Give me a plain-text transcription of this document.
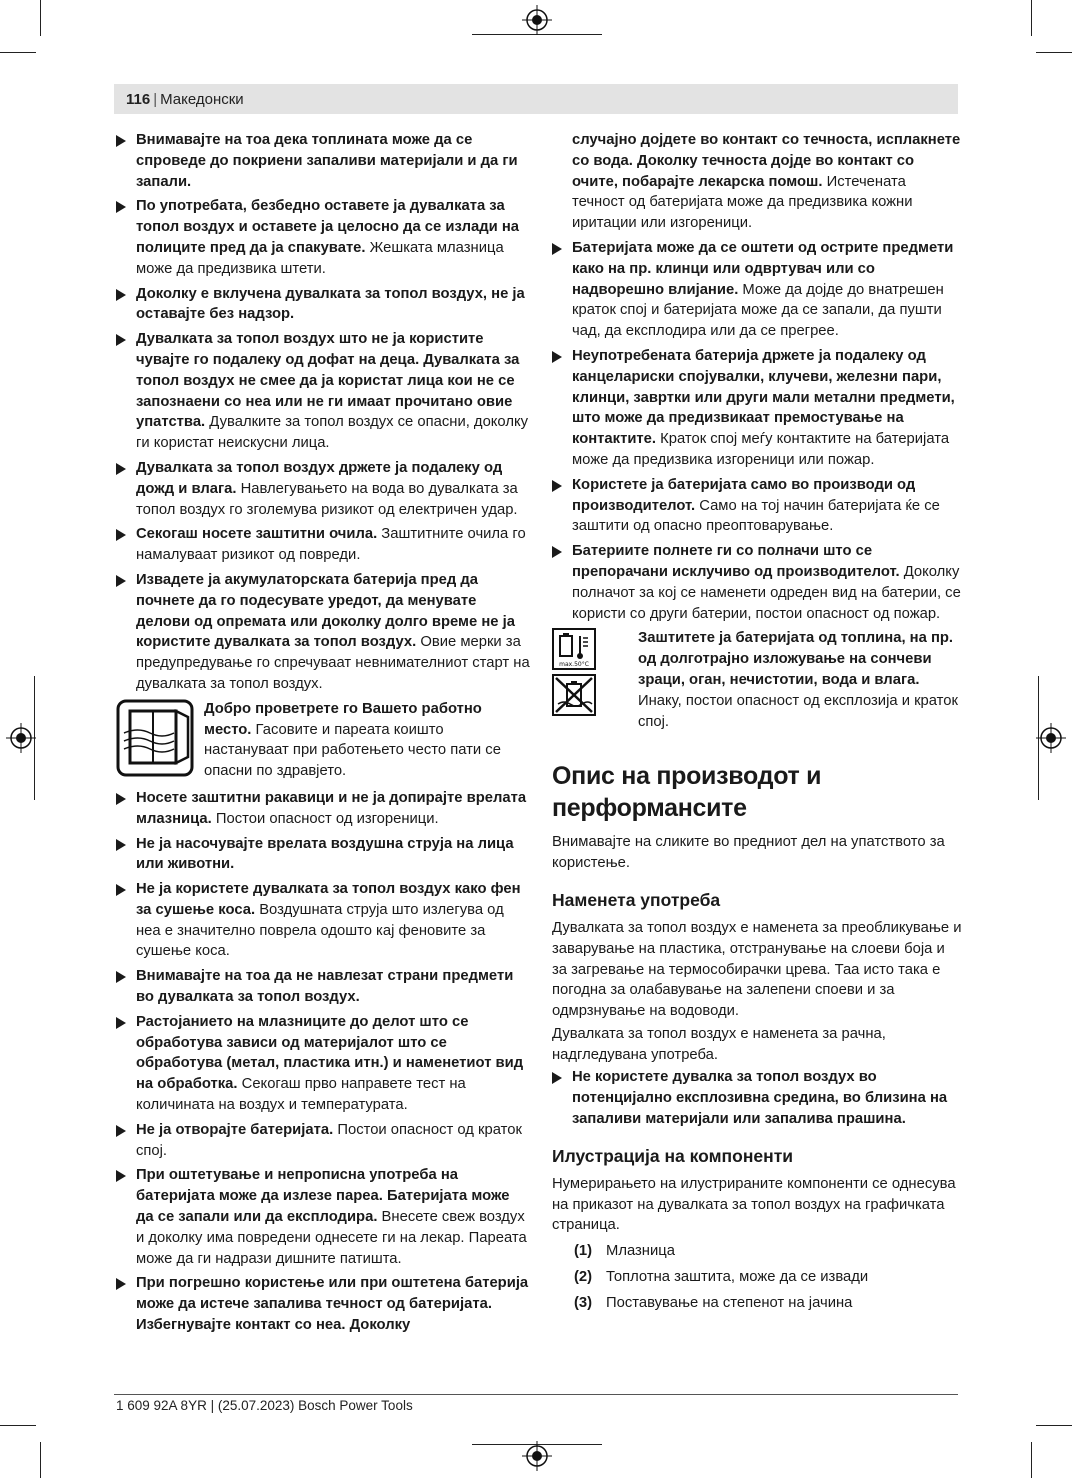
116 | Македонски
Внимавајте на тоа дека топлината може да се спроведе до покриени запаливи материјали и да ги запали.
По употребата, безбедно оставете ја дувалката за топол воздух и оставете ја целосно да се излади на полиците пред да ја спакувате. Жешката млазница може да предизвика штети.
Доколку е вклучена дувалката за топол воздух, не ја оставајте без надзор.
Дувалката за топол воздух што не ја користите чувајте го подалеку од дофат на деца. Дувалката за топол воздух не смее да ја користат лица кои не се запознаени со неа или не ги имаат прочитано овие упатства. Дувалките за топол воздух се опасни, доколку ги користат неискусни лица.
Дувалката за топол воздух држете ја подалеку од дожд и влага. Навлегувањето на вода во дувалката за топол воздух го зголемува ризикот од електричен удар.
Секогаш носете заштитни очила. Заштитните очила го намалуваат ризикот од повреди.
Извадете ја акумулаторската батерија пред да почнете да го подесувате уредот, да менувате делови од опремата или доколку долго време не ја користите дувалката за топол воздух. Овие мерки за предупредување го спречуваат невнимателниот старт на дувалката за топол воздух.
Добро проветрете го Вашето работно место. Гасовите и пареата коишто настануваат при работењето често пати се опасни по здравјето.
Носете заштитни ракавици и не ја допирајте врелата млазница. Постои опасност од изгореници.
Не ја насочувајте врелата воздушна струја на лица или животни.
Не ја користете дувалката за топол воздух како фен за сушење коса. Воздушната струја што излегува од неа е значително поврела одошто кај феновите за сушење коса.
Внимавајте на тоа да не навлезат страни предмети во дувалката за топол воздух.
Растојанието на млазниците до делот што се обработува зависи од материјалот што се обработува (метал, пластика итн.) и наменетиот вид на обработка. Секогаш прво направете тест на количината на воздух и температурата.
Не ја отворајте батеријата. Постои опасност од краток спој.
При оштетување и непрописна употреба на батеријата може да излезе пареа. Батеријата може да се запали или да експлодира. Внесете свеж воздух и доколку има повредени однесете ги на лекар. Пареата може да ги надрази дишните патишта.
При погрешно користење или при оштетена батерија може да истече запалива течност од батеријата. Избегнувајте контакт со неа. Доколку
случајно дојдете во контакт со течноста, исплакнете со вода. Доколку течноста дојде во контакт со очите, побарајте лекарска помош. Истечената течност од батеријата може да предизвика кожни иритации или изгореници.
Батеријата може да се оштети од острите предмети како на пр. клинци или одвртувач или со надворешно влијание. Може да дојде до внатрешен краток спој и батеријата може да се запали, да пушти чад, да експлодира или да се прегрее.
Неупотребената батерија држете ја подалеку од канцелариски спојувалки, клучеви, железни пари, клинци, завртки или други мали метални предмети, што може да предизвикаат премостување на контактите. Краток спој меѓу контактите на батеријата може да предизвика изгореници или пожар.
Користете ја батеријата само во производи од производителот. Само на тој начин батеријата ќе се заштити од опасно преоптоварување.
Батериите полнете ги со полначи што се препорачани исклучиво од производителот. Доколку полначот за кој се наменети одреден вид на батерии, се користи со други батерии, постои опасност од пожар.
max.50°C
Заштитете ја батеријата од топлина, на пр. од долготрајно изложување на сончеви зраци, оган, нечистотии, вода и влага. Инаку, постои опасност од експлозија и краток спој.
Опис на производот и перформансите

Внимавајте на сликите во предниот дел на упатството за користење.

Наменета употреба

Дувалката за топол воздух е наменета за преобликување и заварување на пластика, отстранување на слоеви боја и за загревање на термособирачки црева. Таа исто така е погодна за олабавување на залепени споеви и за одмрзнување на водоводи.

Дувалката за топол воздух е наменета за рачна, надгледувана употреба.

Не користете дувалка за топол воздух во потенцијално експлозивна средина, во близина на запаливи материјали или запалива прашина.
Илустрација на компоненти

Нумерирањето на илустрираните компоненти се однесува на приказот на дувалката за топол воздух на графичката страница.

(1) Млазница
(2) Топлотна заштита, може да се извади
(3) Поставување на степенот на јачина
1 609 92A 8YR | (25.07.2023) Bosch Power Tools
